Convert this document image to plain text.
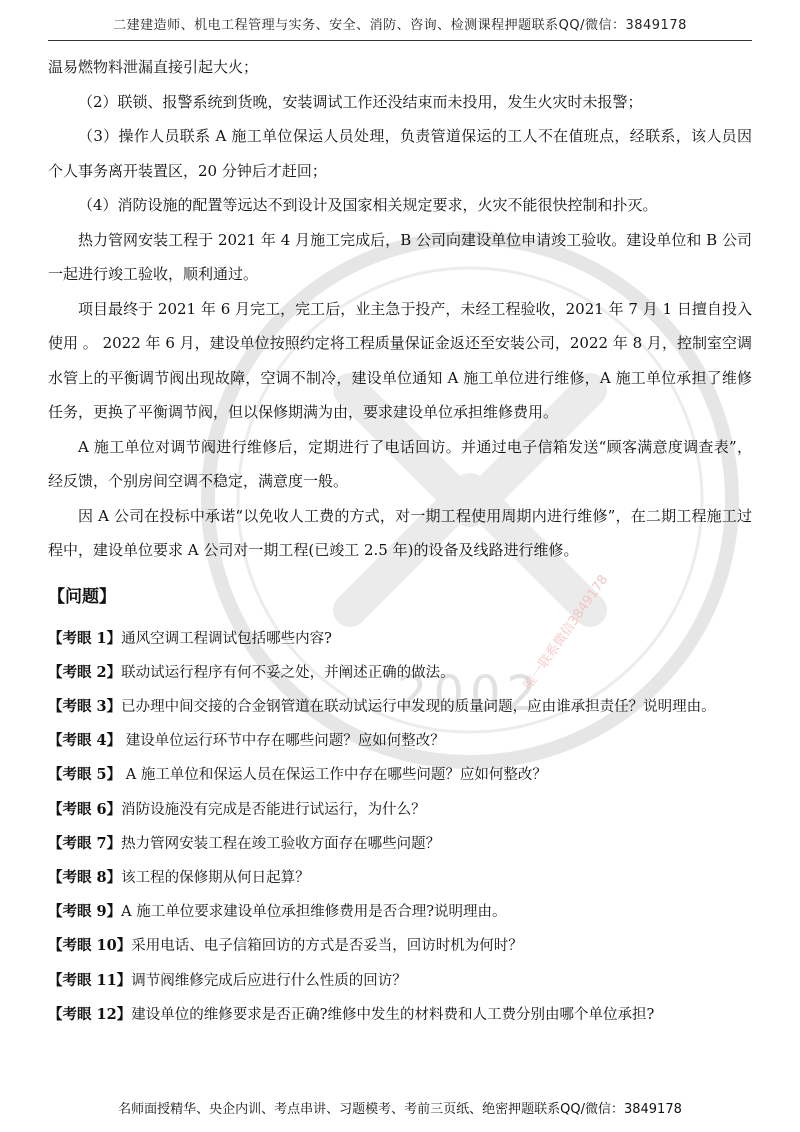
二建建造师、机电工程管理与实务、安全、消防、咨询、检测课程押题联系QQ/微信：3849178
2002
唯一联系微信3849178

温易燃物料泄漏直接引起大火；

（2）联锁、报警系统到货晚，安装调试工作还没结束而未投用，发生火灾时未报警；

（3）操作人员联系 A 施工单位保运人员处理，负责管道保运的工人不在值班点，经联系，该人员因个人事务离开装置区，20 分钟后才赶回；

（4）消防设施的配置等远达不到设计及国家相关规定要求，火灾不能很快控制和扑灭。

热力管网安装工程于 2021 年 4 月施工完成后，B 公司向建设单位申请竣工验收。建设单位和 B 公司一起进行竣工验收，顺利通过。

项目最终于 2021 年 6 月完工，完工后，业主急于投产，未经工程验收，2021 年 7 月 1 日擅自投入使用 。 2022 年 6 月，建设单位按照约定将工程质量保证金返还至安装公司，2022 年 8 月，控制室空调水管上的平衡调节阀出现故障，空调不制冷，建设单位通知 A 施工单位进行维修，A 施工单位承担了维修任务，更换了平衡调节阀，但以保修期满为由，要求建设单位承担维修费用。

A 施工单位对调节阀进行维修后，定期进行了电话回访。并通过电子信箱发送“顾客满意度调查表”，经反馈，个别房间空调不稳定，满意度一般。

因 A 公司在投标中承诺“以免收人工费的方式，对一期工程使用周期内进行维修”，在二期工程施工过程中，建设单位要求 A 公司对一期工程(已竣工 2.5 年)的设备及线路进行维修。

【问题】

【考眼 1】通风空调工程调试包括哪些内容?

【考眼 2】联动试运行程序有何不妥之处，并阐述正确的做法。

【考眼 3】已办理中间交接的合金钢管道在联动试运行中发现的质量问题，应由谁承担责任？说明理由。

【考眼 4】 建设单位运行环节中存在哪些问题？应如何整改？

【考眼 5】 A 施工单位和保运人员在保运工作中存在哪些问题？应如何整改？

【考眼 6】消防设施没有完成是否能进行试运行，为什么？

【考眼 7】热力管网安装工程在竣工验收方面存在哪些问题？

【考眼 8】该工程的保修期从何日起算？

【考眼 9】A 施工单位要求建设单位承担维修费用是否合理?说明理由。

【考眼 10】采用电话、电子信箱回访的方式是否妥当，回访时机为何时？

【考眼 11】调节阀维修完成后应进行什么性质的回访？

【考眼 12】建设单位的维修要求是否正确?维修中发生的材料费和人工费分别由哪个单位承担?

名师面授精华、央企内训、考点串讲、习题模考、考前三页纸、绝密押题联系QQ/微信：3849178
